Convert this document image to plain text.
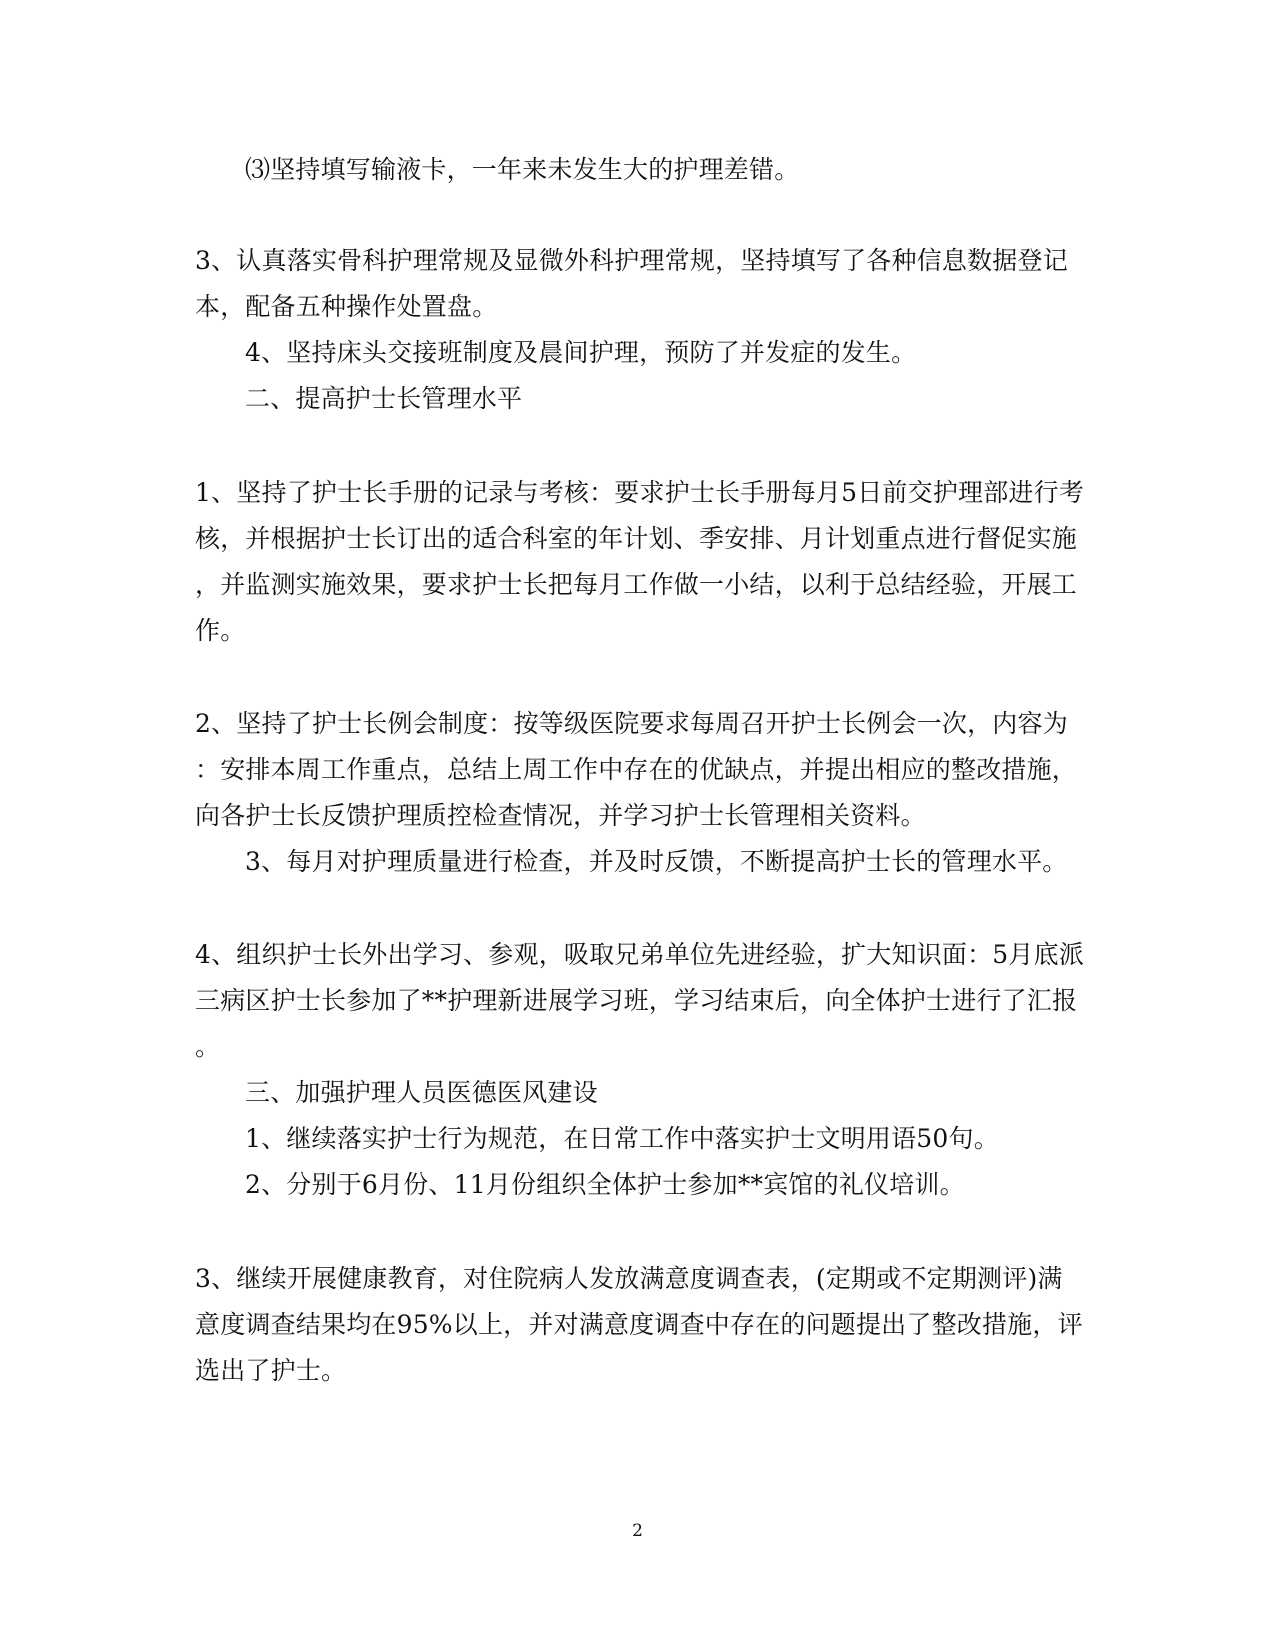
⑶坚持填写输液卡，一年来未发生大的护理差错。
3、认真落实骨科护理常规及显微外科护理常规，坚持填写了各种信息数据登记
本，配备五种操作处置盘。
4、坚持床头交接班制度及晨间护理，预防了并发症的发生。
二、提高护士长管理水平
1、坚持了护士长手册的记录与考核：要求护士长手册每月5日前交护理部进行考
核，并根据护士长订出的适合科室的年计划、季安排、月计划重点进行督促实施
，并监测实施效果，要求护士长把每月工作做一小结，以利于总结经验，开展工
作。
2、坚持了护士长例会制度：按等级医院要求每周召开护士长例会一次，内容为
：安排本周工作重点，总结上周工作中存在的优缺点，并提出相应的整改措施，
向各护士长反馈护理质控检查情况，并学习护士长管理相关资料。
3、每月对护理质量进行检查，并及时反馈，不断提高护士长的管理水平。
4、组织护士长外出学习、参观，吸取兄弟单位先进经验，扩大知识面：5月底派
三病区护士长参加了**护理新进展学习班，学习结束后，向全体护士进行了汇报
。
三、加强护理人员医德医风建设
1、继续落实护士行为规范，在日常工作中落实护士文明用语50句。
2、分别于6月份、11月份组织全体护士参加**宾馆的礼仪培训。
3、继续开展健康教育，对住院病人发放满意度调查表，(定期或不定期测评)满
意度调查结果均在95%以上，并对满意度调查中存在的问题提出了整改措施，评
选出了护士。
2
